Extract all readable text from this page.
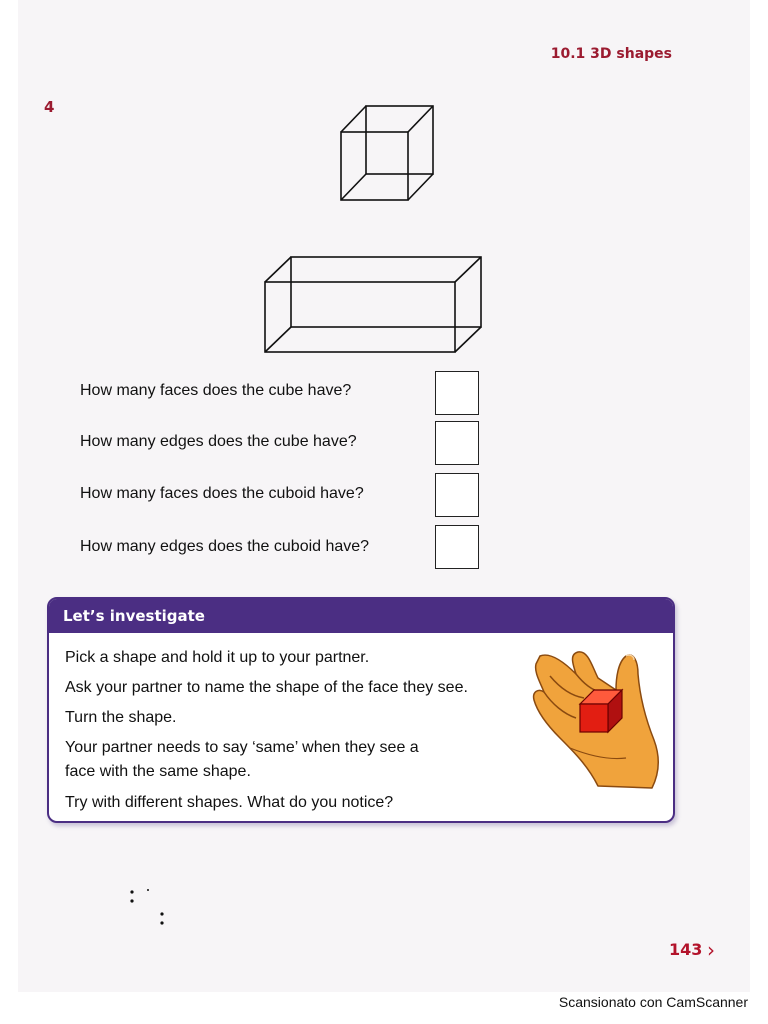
10.1 3D shapes
4
How many faces does the cube have?
How many edges does the cube have?
How many faces does the cuboid have?
How many edges does the cuboid have?
Let’s investigate
Pick a shape and hold it up to your partner.
Ask your partner to name the shape of the face they see.
Turn the shape.
Your partner needs to say ‘same’ when they see a
face with the same shape.
Try with different shapes. What do you notice?
143 ›
Scansionato con CamScanner
